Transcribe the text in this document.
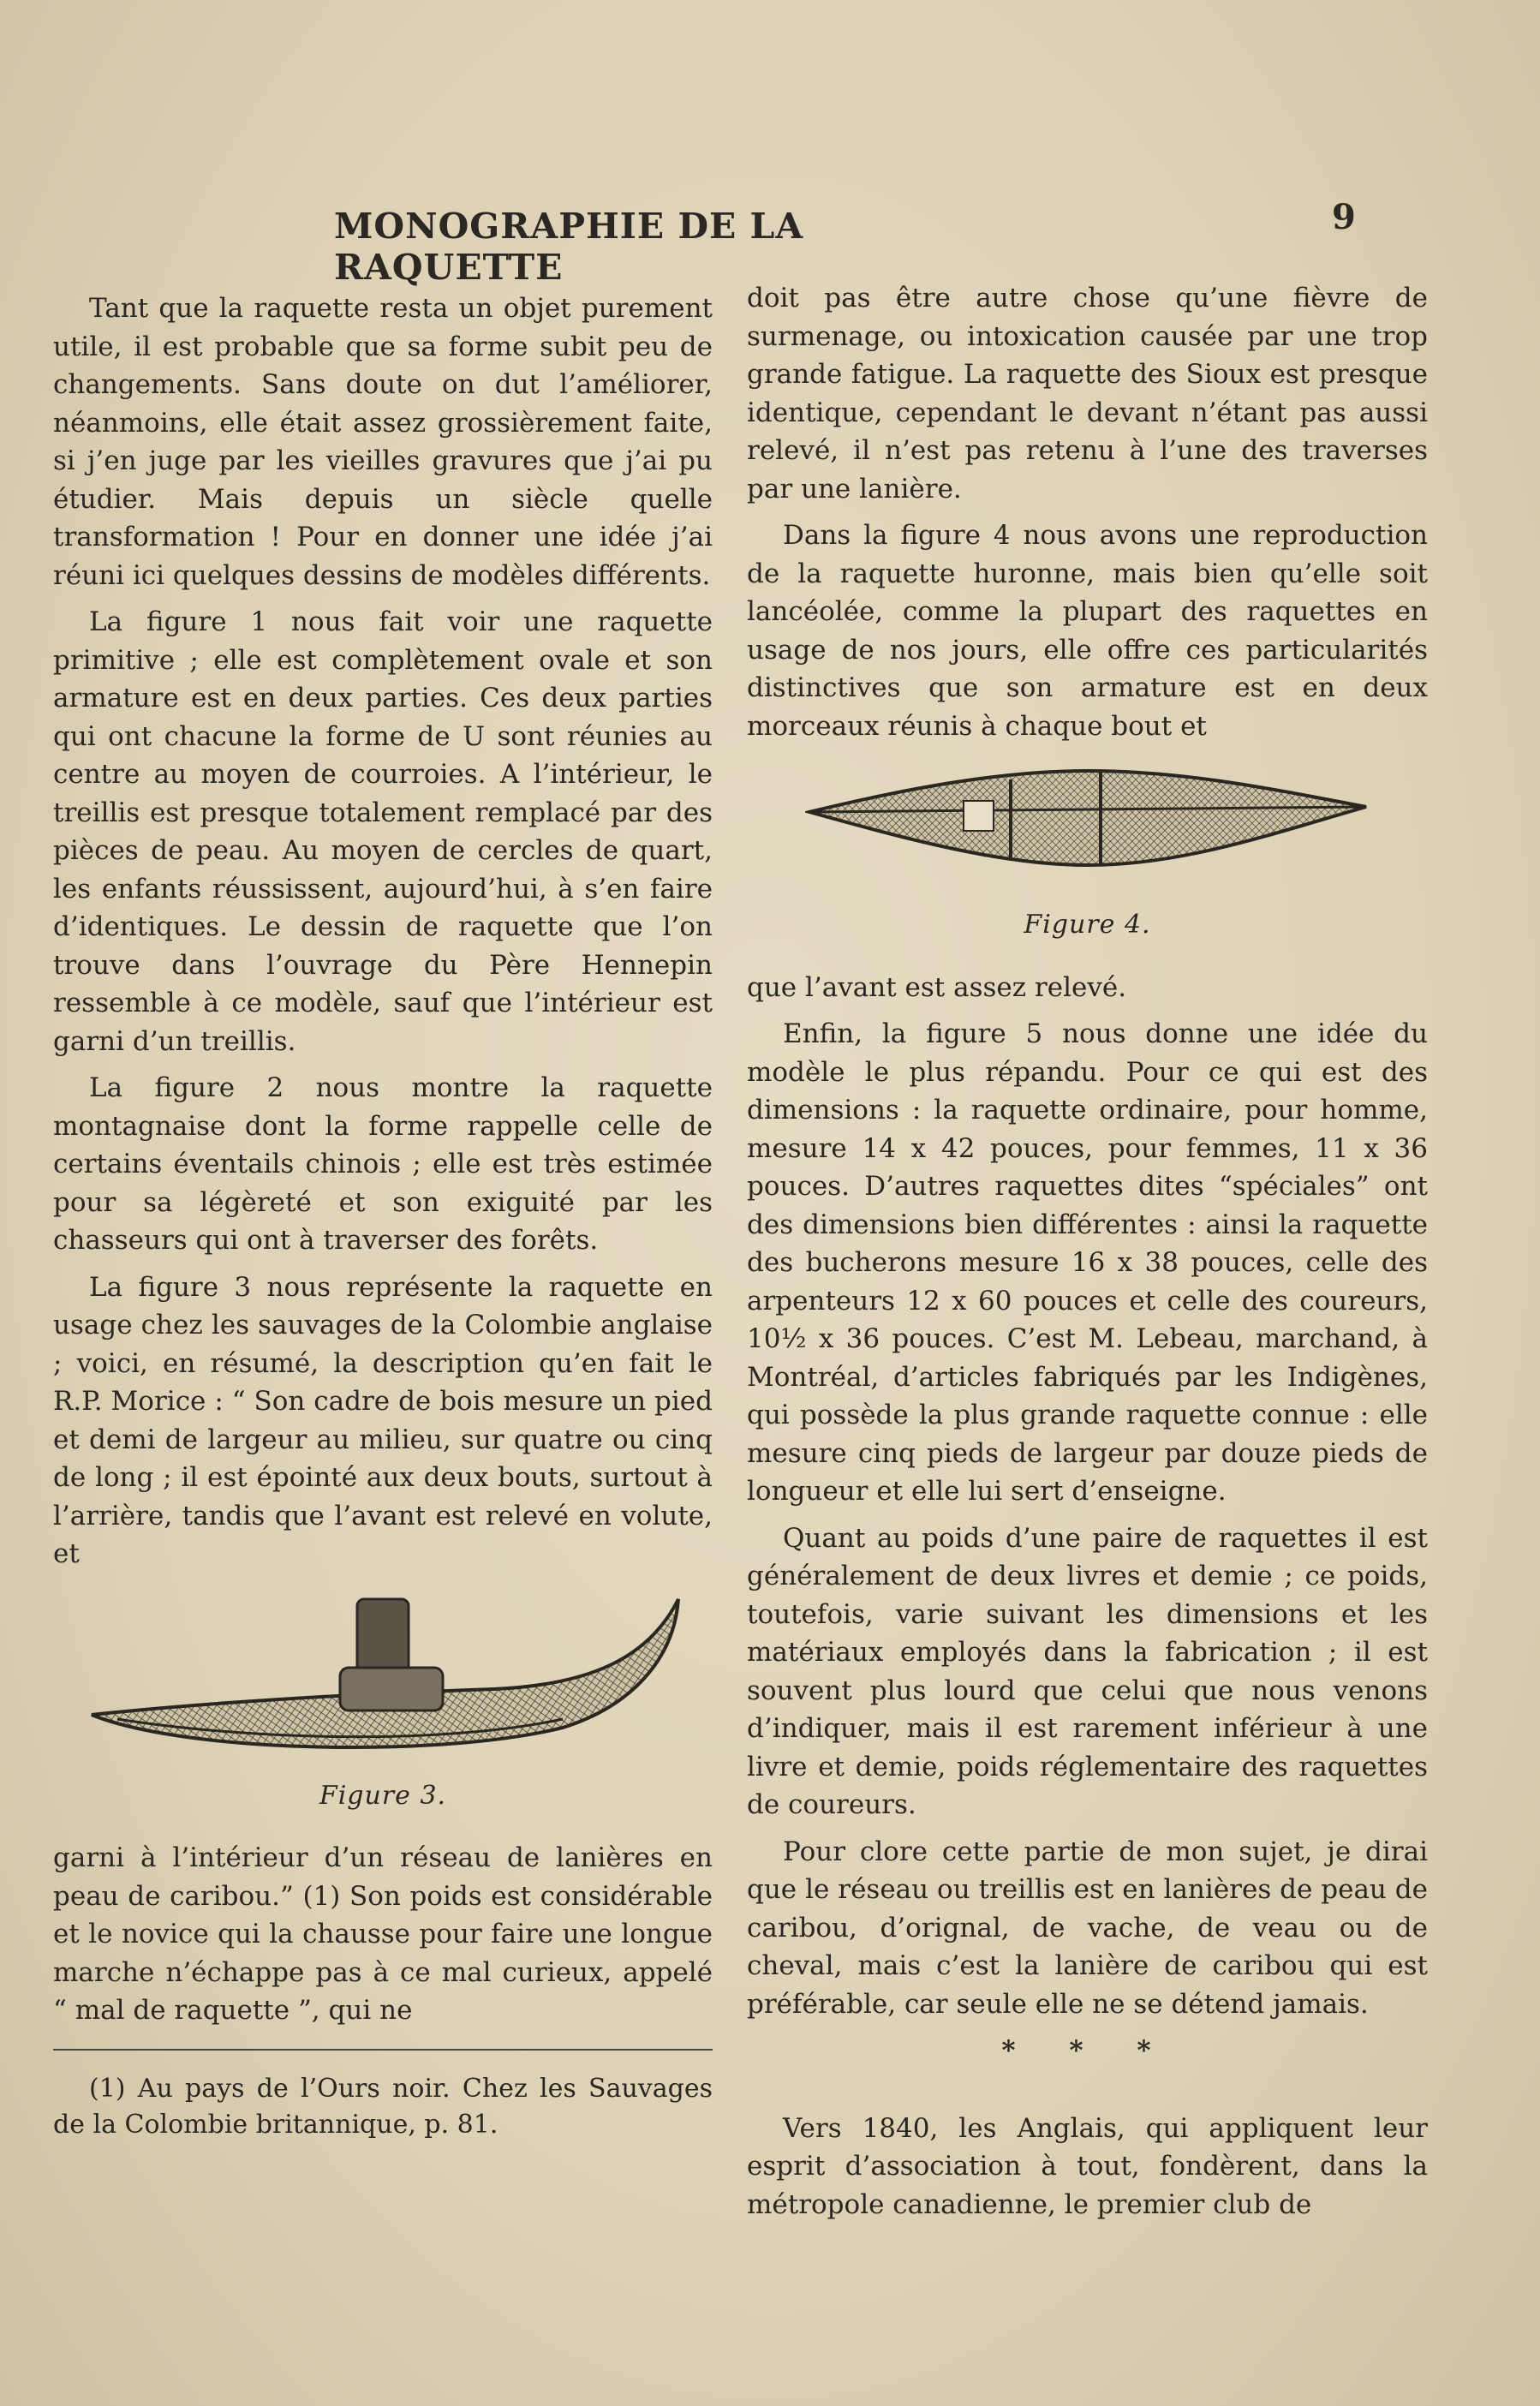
MONOGRAPHIE DE LA RAQUETTE
9

Tant que la raquette resta un objet purement utile, il est probable que sa forme subit peu de changements. Sans doute on dut l’améliorer, néanmoins, elle était assez grossièrement faite, si j’en juge par les vieilles gravures que j’ai pu étudier. Mais depuis un siècle quelle transformation ! Pour en donner une idée j’ai réuni ici quelques dessins de modèles différents.

La figure 1 nous fait voir une raquette primitive ; elle est complètement ovale et son armature est en deux parties. Ces deux parties qui ont chacune la forme de U sont réunies au centre au moyen de courroies. A l’intérieur, le treillis est presque totalement remplacé par des pièces de peau. Au moyen de cercles de quart, les enfants réussissent, aujourd’hui, à s’en faire d’identiques. Le dessin de raquette que l’on trouve dans l’ouvrage du Père Hennepin ressemble à ce modèle, sauf que l’intérieur est garni d’un treillis.

La figure 2 nous montre la raquette montagnaise dont la forme rappelle celle de certains éventails chinois ; elle est très estimée pour sa légèreté et son exiguité par les chasseurs qui ont à traverser des forêts.

La figure 3 nous représente la raquette en usage chez les sauvages de la Colombie anglaise ; voici, en résumé, la description qu’en fait le R.P. Morice : “ Son cadre de bois mesure un pied et demi de largeur au milieu, sur quatre ou cinq de long ; il est épointé aux deux bouts, surtout à l’arrière, tandis que l’avant est relevé en volute, et

Figure 3.

garni à l’intérieur d’un réseau de lanières en peau de caribou.” (1) Son poids est considérable et le novice qui la chausse pour faire une longue marche n’échappe pas à ce mal curieux, appelé “ mal de raquette ”, qui ne

(1) Au pays de l’Ours noir. Chez les Sauvages de la Colombie britannique, p. 81.

doit pas être autre chose qu’une fièvre de surmenage, ou intoxication causée par une trop grande fatigue. La raquette des Sioux est presque identique, cependant le devant n’étant pas aussi relevé, il n’est pas retenu à l’une des traverses par une lanière.

Dans la figure 4 nous avons une reproduction de la raquette huronne, mais bien qu’elle soit lancéolée, comme la plupart des raquettes en usage de nos jours, elle offre ces particularités distinctives que son armature est en deux morceaux réunis à chaque bout et

Figure 4.

que l’avant est assez relevé.

Enfin, la figure 5 nous donne une idée du modèle le plus répandu. Pour ce qui est des dimensions : la raquette ordinaire, pour homme, mesure 14 x 42 pouces, pour femmes, 11 x 36 pouces. D’autres raquettes dites “spéciales” ont des dimensions bien différentes : ainsi la raquette des bucherons mesure 16 x 38 pouces, celle des arpenteurs 12 x 60 pouces et celle des coureurs, 10½ x 36 pouces. C’est M. Lebeau, marchand, à Montréal, d’articles fabriqués par les Indigènes, qui possède la plus grande raquette connue : elle mesure cinq pieds de largeur par douze pieds de longueur et elle lui sert d’enseigne.

Quant au poids d’une paire de raquettes il est généralement de deux livres et demie ; ce poids, toutefois, varie suivant les dimensions et les matériaux employés dans la fabrication ; il est souvent plus lourd que celui que nous venons d’indiquer, mais il est rarement inférieur à une livre et demie, poids réglementaire des raquettes de coureurs.

Pour clore cette partie de mon sujet, je dirai que le réseau ou treillis est en lanières de peau de caribou, d’orignal, de vache, de veau ou de cheval, mais c’est la lanière de caribou qui est préférable, car seule elle ne se détend jamais.

* * *

Vers 1840, les Anglais, qui appliquent leur esprit d’association à tout, fondèrent, dans la métropole canadienne, le premier club de
